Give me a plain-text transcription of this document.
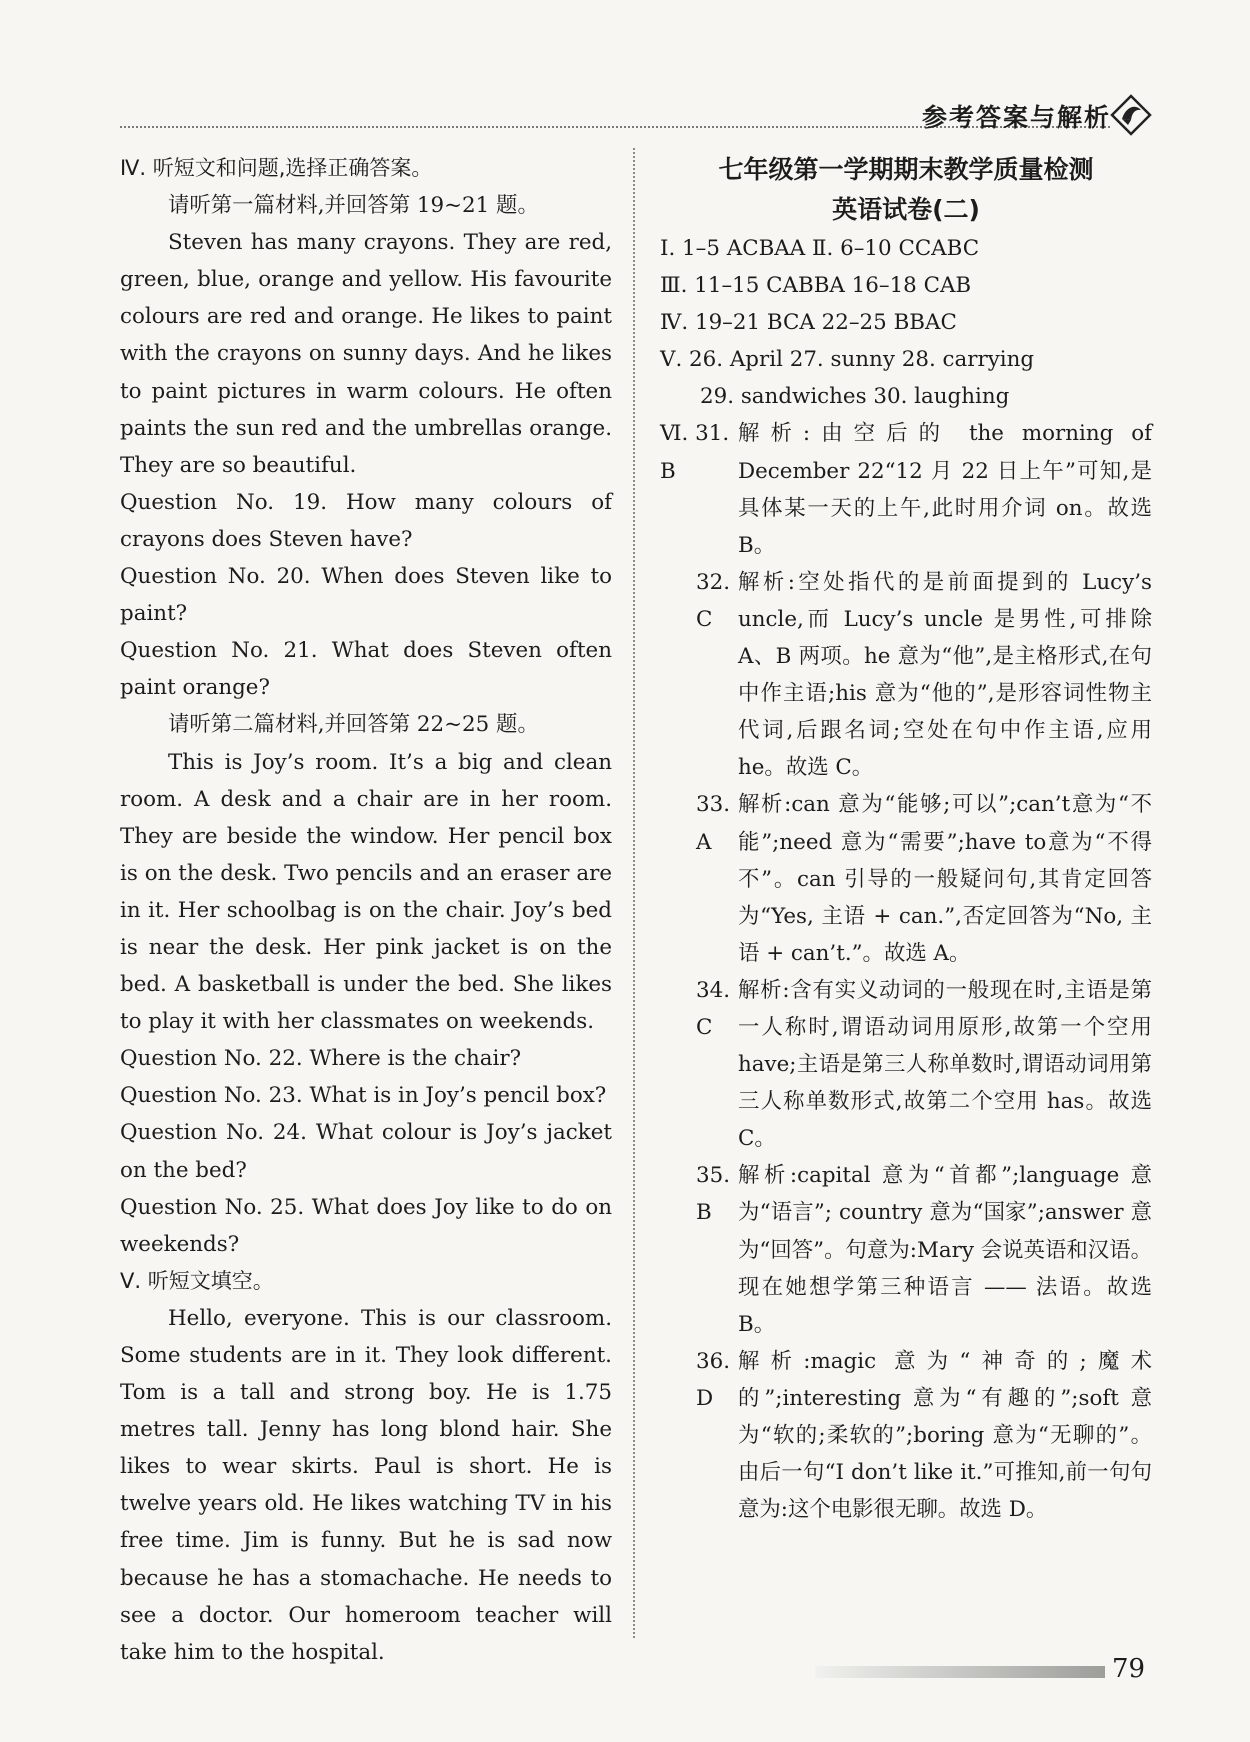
参考答案与解析

Ⅳ. 听短文和问题,选择正确答案。

请听第一篇材料,并回答第 19~21 题。

Steven has many crayons. They are red, green, blue, orange and yellow. His favourite colours are red and orange. He likes to paint with the crayons on sunny days. And he likes to paint pictures in warm colours. He often paints the sun red and the umbrellas orange. They are so beautiful.

Question No. 19. How many colours of crayons does Steven have?

Question No. 20. When does Steven like to paint?

Question No. 21. What does Steven often paint orange?

请听第二篇材料,并回答第 22~25 题。

This is Joy’s room. It’s a big and clean room. A desk and a chair are in her room. They are beside the window. Her pencil box is on the desk. Two pencils and an eraser are in it. Her schoolbag is on the chair. Joy’s bed is near the desk. Her pink jacket is on the bed. A basketball is under the bed. She likes to play it with her classmates on weekends.

Question No. 22. Where is the chair?

Question No. 23. What is in Joy’s pencil box?

Question No. 24. What colour is Joy’s jacket on the bed?

Question No. 25. What does Joy like to do on weekends?

Ⅴ. 听短文填空。

Hello, everyone. This is our classroom. Some students are in it. They look different. Tom is a tall and strong boy. He is 1.75 metres tall. Jenny has long blond hair. She likes to wear skirts. Paul is short. He is twelve years old. He likes watching TV in his free time. Jim is funny. But he is sad now because he has a stomachache. He needs to see a doctor. Our homeroom teacher will take him to the hospital.

七年级第一学期期末教学质量检测

英语试卷(二)

Ⅰ. 1–5 ACBAA Ⅱ. 6–10 CCABC

Ⅲ. 11–15 CABBA 16–18 CAB

Ⅳ. 19–21 BCA 22–25 BBAC

Ⅴ. 26. April 27. sunny 28. carrying

29. sandwiches 30. laughing

Ⅵ. 31. B
解析:由空后的 the morning of December 22“12 月 22 日上午”可知,是具体某一天的上午,此时用介词 on。故选 B。
32. C
解析:空处指代的是前面提到的 Lucy’s uncle,而 Lucy’s uncle 是男性,可排除 A、B 两项。he 意为“他”,是主格形式,在句中作主语;his 意为“他的”,是形容词性物主代词,后跟名词;空处在句中作主语,应用 he。故选 C。
33. A
解析:can 意为“能够;可以”;can’t意为“不能”;need 意为“需要”;have to意为“不得不”。can 引导的一般疑问句,其肯定回答为“Yes, 主语 + can.”,否定回答为“No, 主语 + can’t.”。故选 A。
34. C
解析:含有实义动词的一般现在时,主语是第一人称时,谓语动词用原形,故第一个空用 have;主语是第三人称单数时,谓语动词用第三人称单数形式,故第二个空用 has。故选 C。
35. B
解析:capital 意为“首都”;language 意为“语言”; country 意为“国家”;answer 意为“回答”。句意为:Mary 会说英语和汉语。现在她想学第三种语言 —— 法语。故选 B。
36. D
解析:magic 意为“神奇的;魔术的”;interesting 意为“有趣的”;soft 意为“软的;柔软的”;boring 意为“无聊的”。由后一句“I don’t like it.”可推知,前一句句意为:这个电影很无聊。故选 D。
79
